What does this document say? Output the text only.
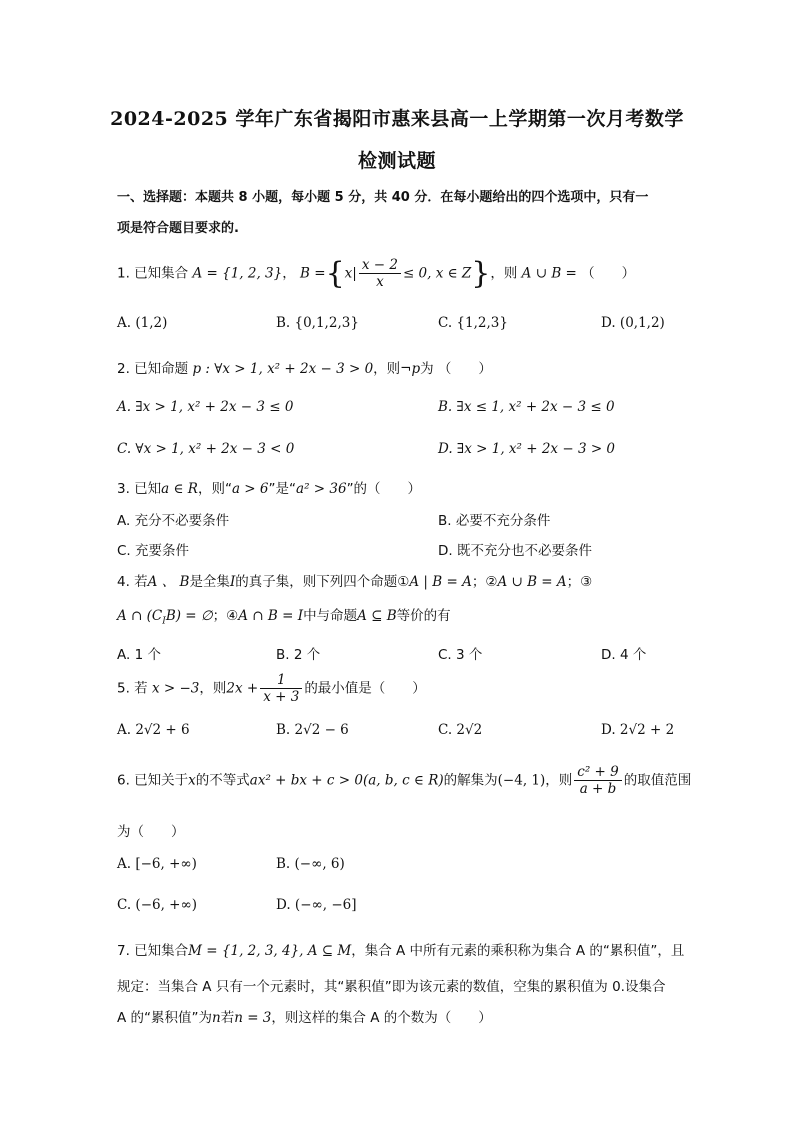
2024-2025 学年广东省揭阳市惠来县高一上学期第一次月考数学
检测试题
一、选择题：本题共 8 小题，每小题 5 分，共 40 分．在每小题给出的四个选项中，只有一
项是符合题目要求的.
1. 已知集合 A = {1, 2, 3}， $B =\{x| \frac{x - 2}{x} \le 0$, x ∈ Z}，则 A ∪ B = （　　）
A. (1,2)	B. {0,1,2,3}	C. {1,2,3}	D. (0,1,2)
2. 已知命题 p : ∀x > 1, x² + 2x − 3 > 0，则¬p为 （　　）
A. ∃x > 1, x² + 2x − 3 ≤ 0	B. ∃x ≤ 1, x² + 2x − 3 ≤ 0
C. ∀x > 1, x² + 2x − 3 < 0	D. ∃x > 1, x² + 2x − 3 > 0
3. 已知a ∈ R，则“a > 6”是“a² > 36”的（　　）
A. 充分不必要条件	B. 必要不充分条件
C. 充要条件	D. 既不充分也不必要条件
4. 若A 、 B是全集I的真子集，则下列四个命题①A | B = A；②A ∪ B = A；③
A ∩ $(C_IB)$ = ∅；④A ∩ B = I中与命题A ⊆ B等价的有
A. 1 个	B. 2 个	C. 3 个	D. 4 个
5. 若 x > −3，则$2x + \frac{1}{x + 3}$ 的最小值是（　　）
A. 2√2 + 6	B. 2√2 − 6	C. 2√2	D. 2√2 + 2
6. 已知关于x的不等式ax² + bx + c > 0(a, b, c ∈ R)的解集为(−4, 1)，则 $\frac{\text{c² + 9}}{a + b}$ 的取值范围
为（　　）
A. [−6, +∞)	B. (−∞, 6)
C. (−6, +∞)	D. (−∞, −6]
7. 已知集合M = {1, 2, 3, 4}, A ⊆ M，集合 A 中所有元素的乘积称为集合 A 的“累积值”，且
规定：当集合 A 只有一个元素时，其“累积值”即为该元素的数值，空集的累积值为 0.设集合
A 的“累积值”为n若n = 3，则这样的集合 A 的个数为（　　）
